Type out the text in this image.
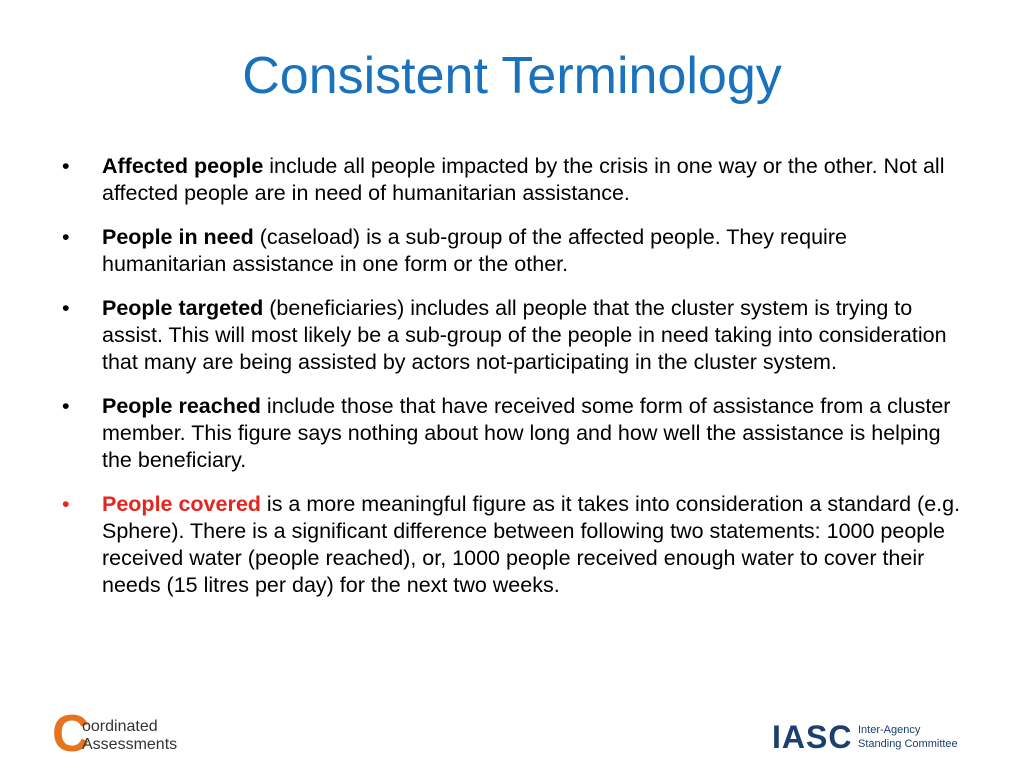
Consistent Terminology
•	Affected people include all people impacted by the crisis in one way or the other. Not all affected people are in need of humanitarian assistance.
•	People in need (caseload) is a sub-group of the affected people. They require humanitarian assistance in one form or the other.
•	People targeted (beneficiaries) includes all people that the cluster system is trying to assist. This will most likely be a sub-group of the people in need taking into consideration that many are being assisted by actors not-participating in the cluster system.
•	People reached include those that have received some form of assistance from a cluster member. This figure says nothing about how long and how well the assistance is helping the beneficiary.
•	People covered is a more meaningful figure as it takes into consideration a standard (e.g. Sphere). There is a significant difference between following two statements: 1000 people received water (people reached), or, 1000 people received enough water to cover their needs (15 litres per day) for the next two weeks.
C
oordinated
Assessments	IASC Inter-Agency
Standing Committee
